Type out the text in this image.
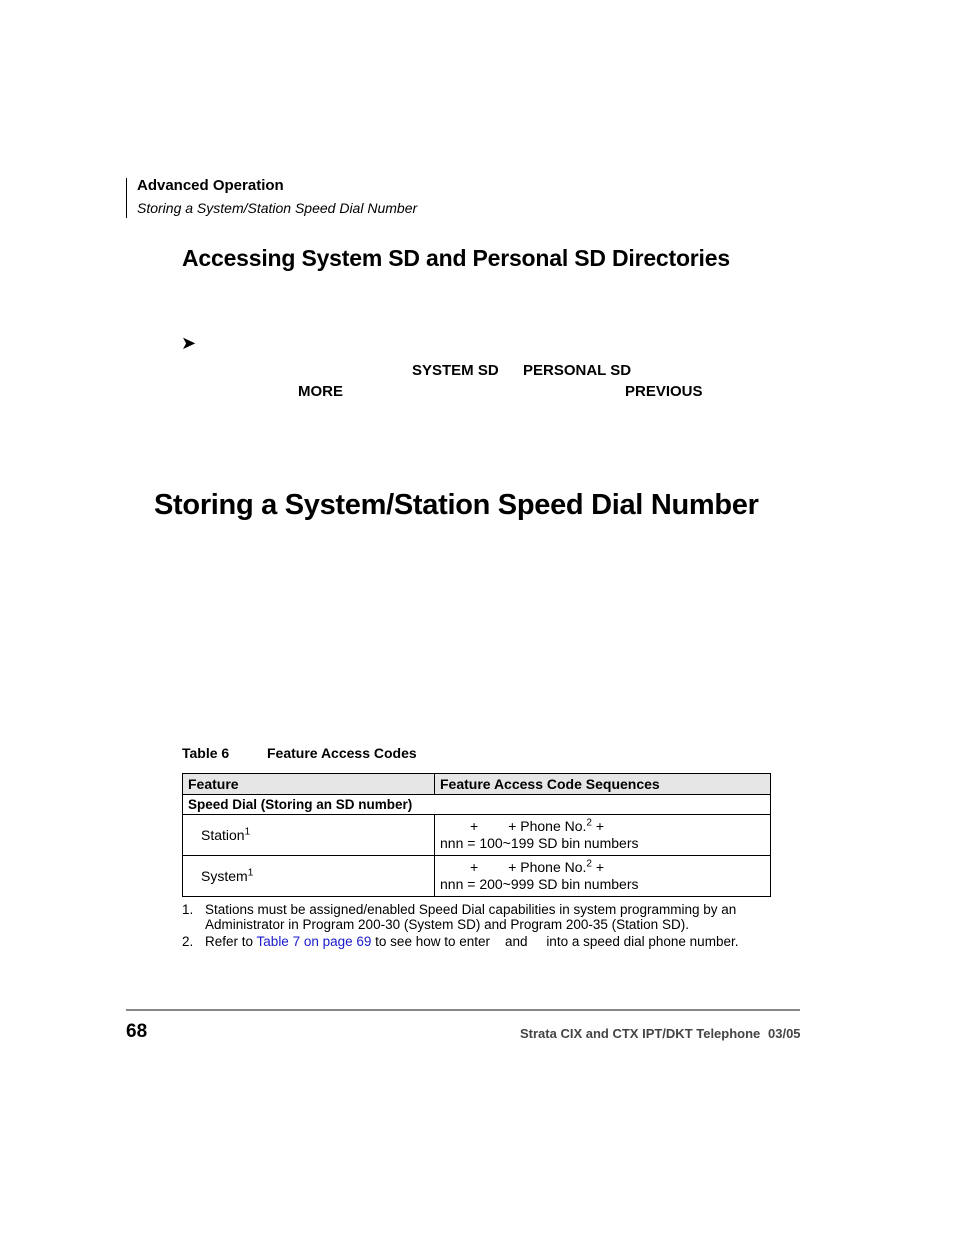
Advanced Operation
Storing a System/Station Speed Dial Number
Accessing System SD and Personal SD Directories
➤
SYSTEM SD PERSONAL SD
MORE	PREVIOUS
Storing a System/Station Speed Dial Number
Table 6	Feature Access Codes
Feature	Feature Access Code Sequences
Speed Dial (Storing an SD number)	
Station$^1$	+ + Phone No.$^2$ +
nnn = 100~199 SD bin numbers
System$^1$	+ + Phone No.$^2$ +
nnn = 200~999 SD bin numbers
1. Stations must be assigned/enabled Speed Dial capabilities in system programming by an Administrator in Program 200-30 (System SD) and Program 200-35 (Station SD).
2. Refer to Table 7 on page 69 to see how to enter and into a speed dial phone number.
68	Strata CIX and CTX IPT/DKT Telephone 03/05
